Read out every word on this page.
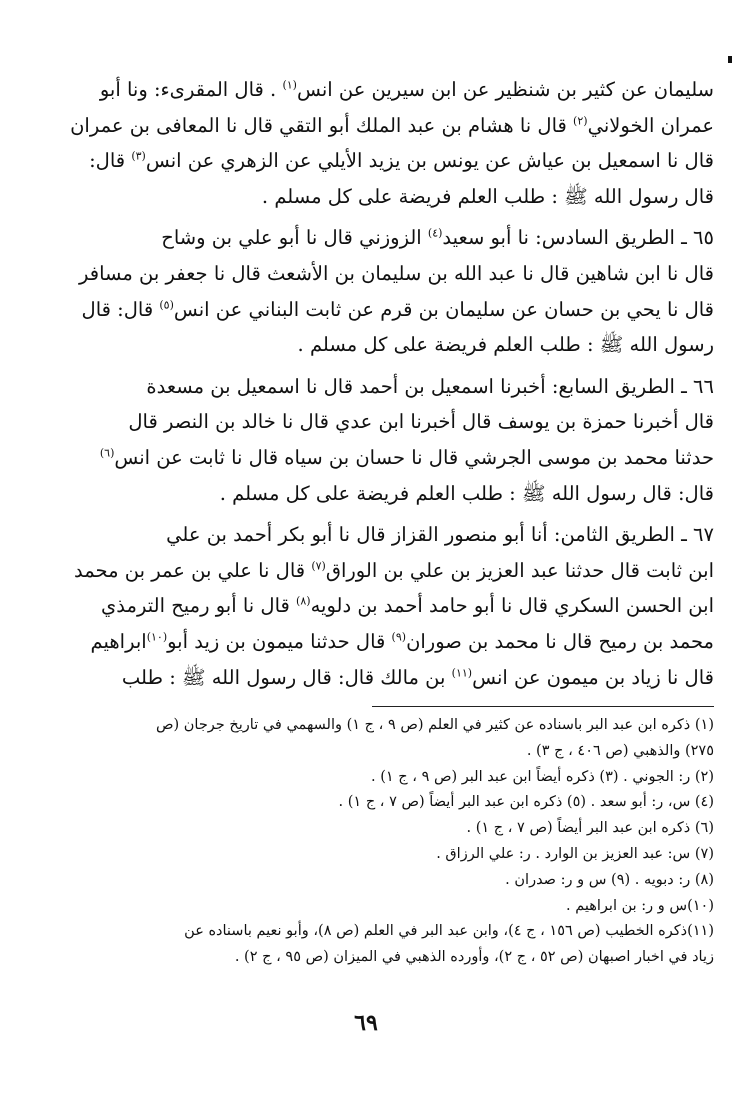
سليمان عن كثير بن شنظير عن ابن سيرين عن انس$^{(١)}$ . قال المقرىء: ونا أبو
عمران الخولاني$^{(٢)}$ قال نا هشام بن عبد الملك أبو التقي قال نا المعافى بن عمران
قال نا اسمعيل بن عياش عن يونس بن يزيد الأيلي عن الزهري عن انس$^{(٣)}$ قال:
قال رسول الله ﷺ : طلب العلم فريضة على كل مسلم .
٦٥ ـ الطريق السادس: نا أبو سعيد$^{(٤)}$ الزوزني قال نا أبو علي بن وشاح
قال نا ابن شاهين قال نا عبد الله بن سليمان بن الأشعث قال نا جعفر بن مسافر
قال نا يحي بن حسان عن سليمان بن قرم عن ثابت البناني عن انس$^{(٥)}$ قال: قال
رسول الله ﷺ : طلب العلم فريضة على كل مسلم .
٦٦ ـ الطريق السابع: أخبرنا اسمعيل بن أحمد قال نا اسمعيل بن مسعدة
قال أخبرنا حمزة بن يوسف قال أخبرنا ابن عدي قال نا خالد بن النصر قال
حدثنا محمد بن موسى الجرشي قال نا حسان بن سياه قال نا ثابت عن انس$^{(٦)}$
قال: قال رسول الله ﷺ : طلب العلم فريضة على كل مسلم .
٦٧ ـ الطريق الثامن: أنا أبو منصور القزاز قال نا أبو بكر أحمد بن علي
ابن ثابت قال حدثنا عبد العزيز بن علي بن الوراق$^{(٧)}$ قال نا علي بن عمر بن محمد
ابن الحسن السكري قال نا أبو حامد أحمد بن دلويه$^{(٨)}$ قال نا أبو رميح الترمذي
محمد بن رميح قال نا محمد بن صوران$^{(٩)}$ قال حدثنا ميمون بن زيد أبو$^{(١٠)}$ابراهيم
قال نا زياد بن ميمون عن انس$^{(١١)}$ بن مالك قال: قال رسول الله ﷺ : طلب
(١) ذكره ابن عبد البر باسناده عن كثير في العلم (ص ٩ ، ج ١) والسهمي في تاريخ جرجان (ص
٢٧٥) والذهبي (ص ٤٠٦ ، ج ٣) .
(٢) ر: الجوني . (٣) ذكره أيضاً ابن عبد البر (ص ٩ ، ج ١) .
(٤) س، ر: أبو سعد . (٥) ذكره ابن عبد البر أيضاً (ص ٧ ، ج ١) .
(٦) ذكره ابن عبد البر أيضاً (ص ٧ ، ج ١) .
(٧) س: عبد العزيز بن الوارد . ر: علي الرزاق .
(٨) ر: دبويه . (٩) س و ر: صدران .
(١٠)س و ر: بن ابراهيم .
(١١)ذكره الخطيب (ص ١٥٦ ، ج ٤)، وابن عبد البر في العلم (ص ٨)، وأبو نعيم باسناده عن
زياد في اخبار اصبهان (ص ٥٢ ، ج ٢)، وأورده الذهبي في الميزان (ص ٩٥ ، ج ٢) .
٦٩
